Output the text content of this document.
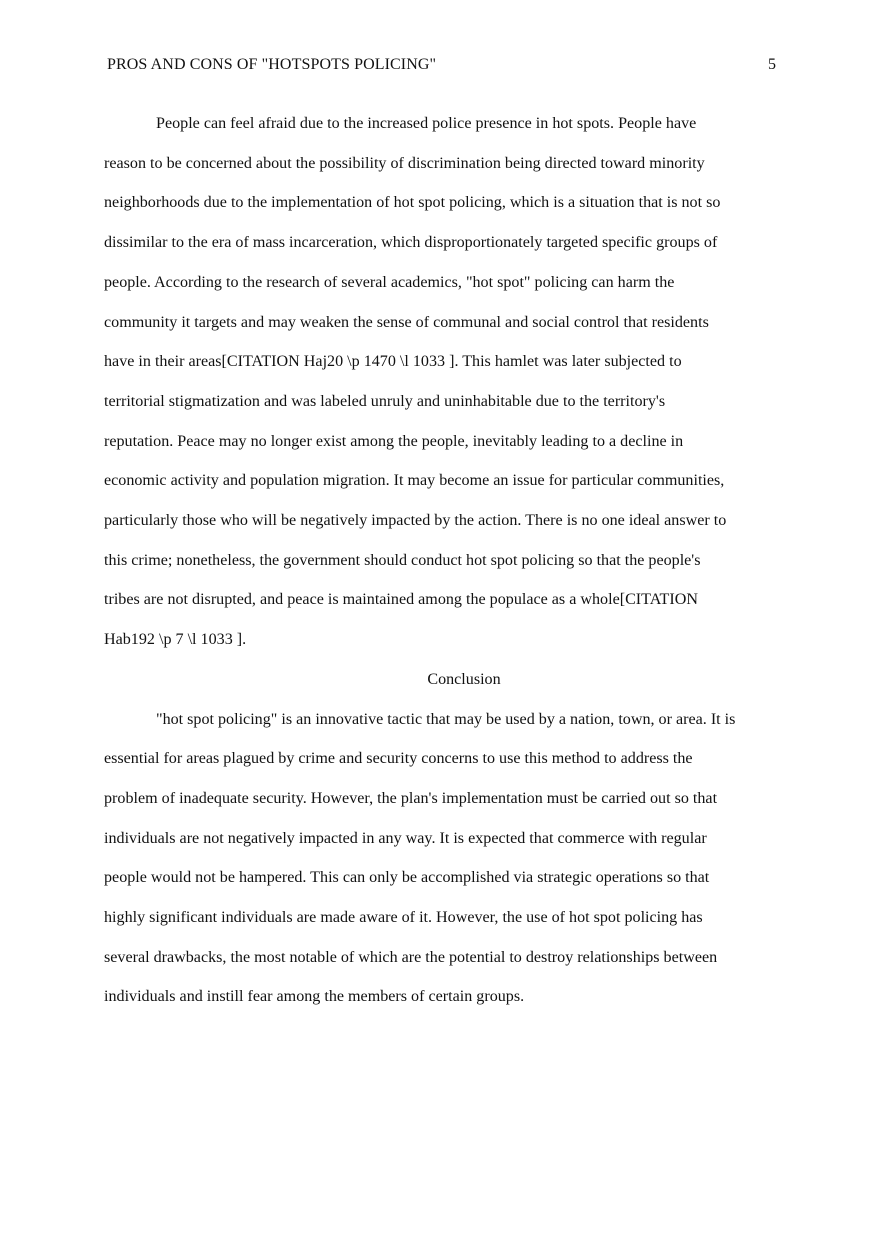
PROS AND CONS OF "HOTSPOTS POLICING"	5

People can feel afraid due to the increased police presence in hot spots. People have
reason to be concerned about the possibility of discrimination being directed toward minority
neighborhoods due to the implementation of hot spot policing, which is a situation that is not so
dissimilar to the era of mass incarceration, which disproportionately targeted specific groups of
people. According to the research of several academics, "hot spot" policing can harm the
community it targets and may weaken the sense of communal and social control that residents
have in their areas[CITATION Haj20 \p 1470 \l 1033 ]. This hamlet was later subjected to
territorial stigmatization and was labeled unruly and uninhabitable due to the territory's
reputation. Peace may no longer exist among the people, inevitably leading to a decline in
economic activity and population migration. It may become an issue for particular communities,
particularly those who will be negatively impacted by the action. There is no one ideal answer to
this crime; nonetheless, the government should conduct hot spot policing so that the people's
tribes are not disrupted, and peace is maintained among the populace as a whole[CITATION
Hab192 \p 7 \l 1033 ].

Conclusion

"hot spot policing" is an innovative tactic that may be used by a nation, town, or area. It is
essential for areas plagued by crime and security concerns to use this method to address the
problem of inadequate security. However, the plan's implementation must be carried out so that
individuals are not negatively impacted in any way. It is expected that commerce with regular
people would not be hampered. This can only be accomplished via strategic operations so that
highly significant individuals are made aware of it. However, the use of hot spot policing has
several drawbacks, the most notable of which are the potential to destroy relationships between
individuals and instill fear among the members of certain groups.
